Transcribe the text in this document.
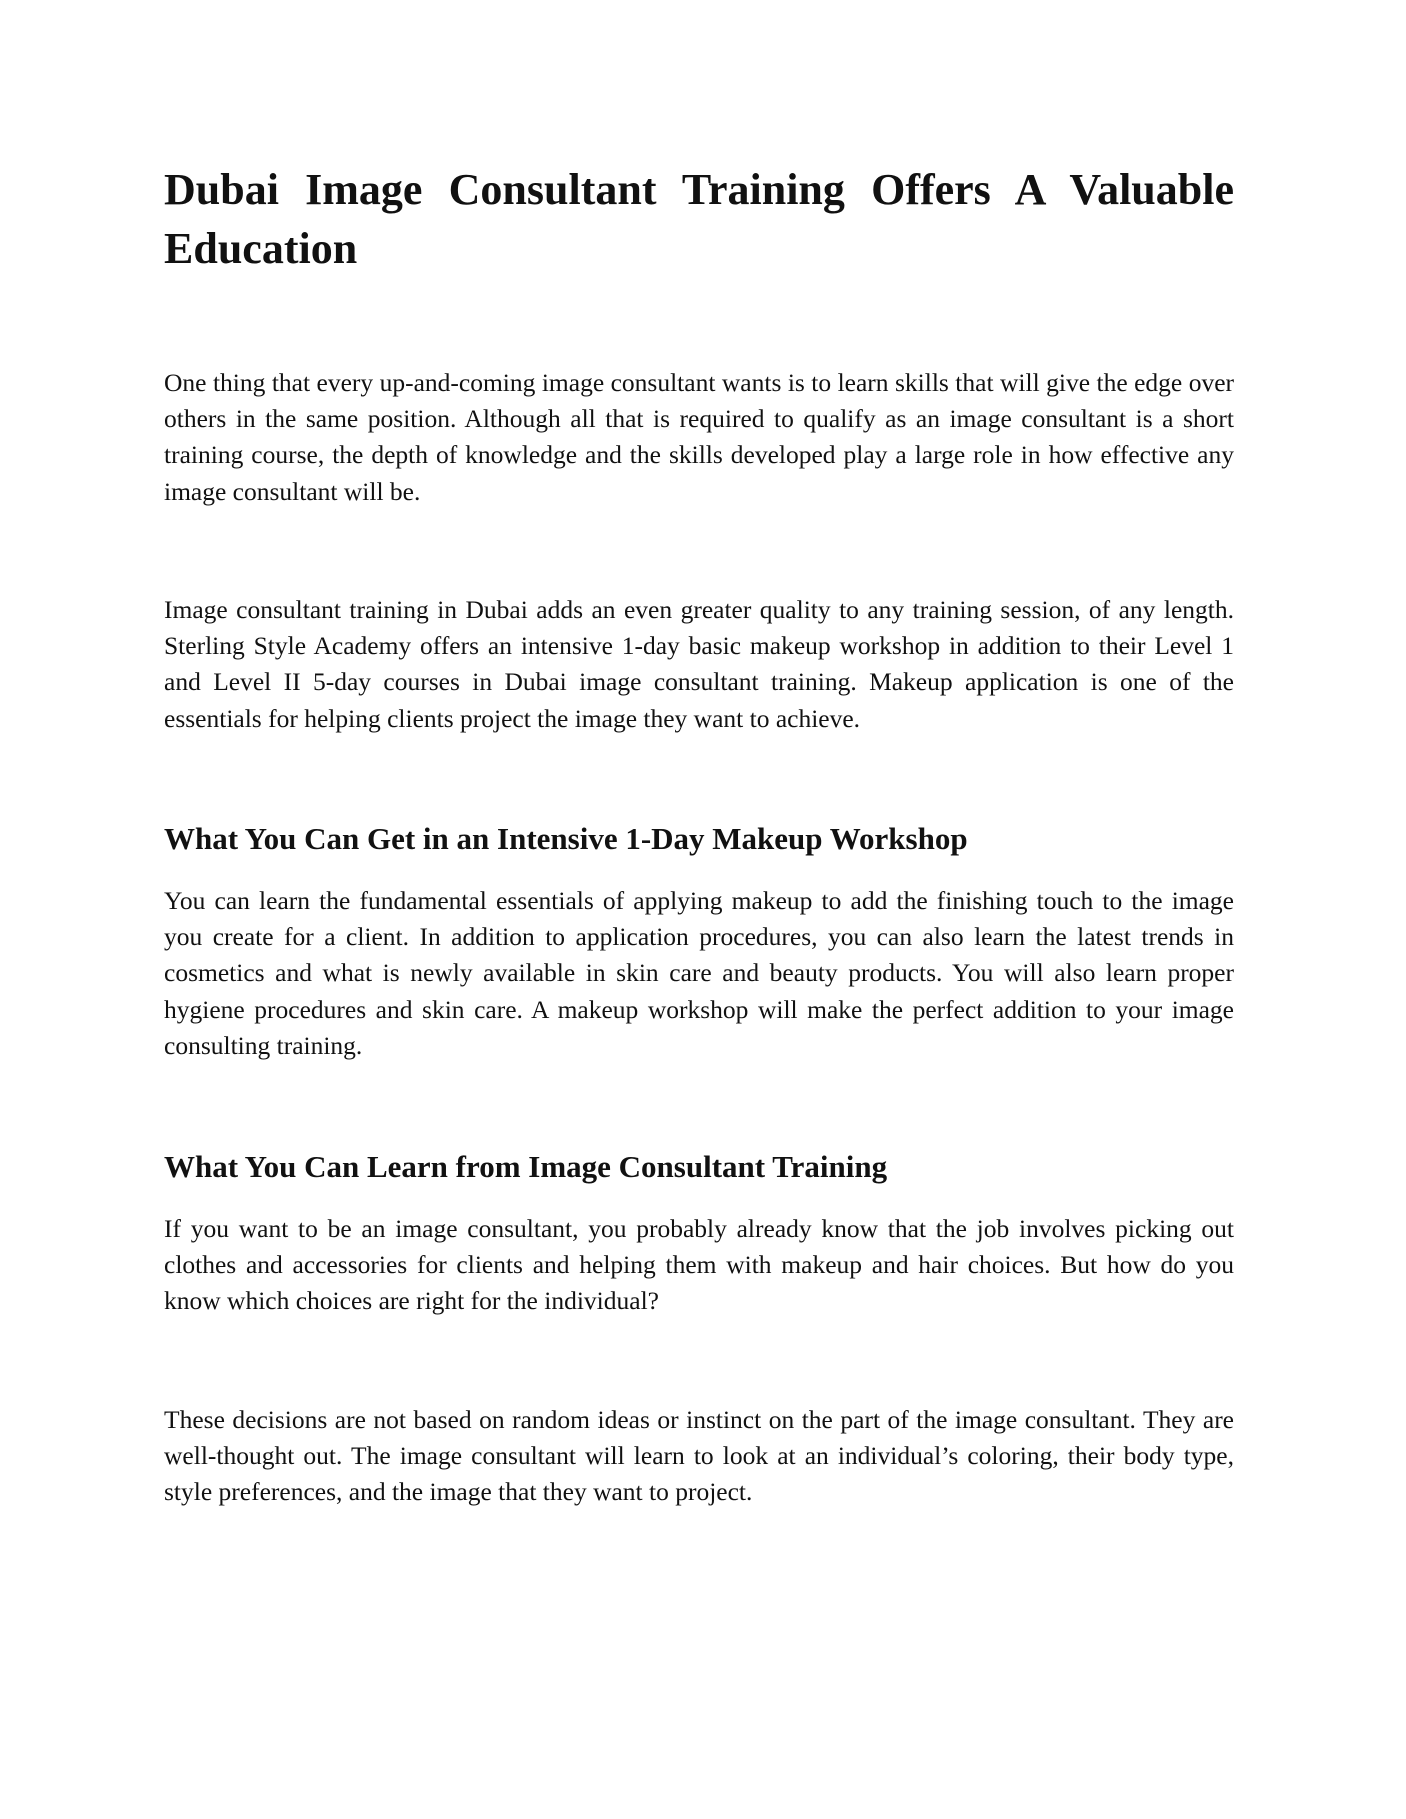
Dubai Image Consultant Training Offers A Valuable Education

One thing that every up-and-coming image consultant wants is to learn skills that will give the edge over others in the same position. Although all that is required to qualify as an image consultant is a short training course, the depth of knowledge and the skills developed play a large role in how effective any image consultant will be.

Image consultant training in Dubai adds an even greater quality to any training session, of any length. Sterling Style Academy offers an intensive 1-day basic makeup workshop in addition to their Level 1 and Level II 5-day courses in Dubai image consultant training. Makeup application is one of the essentials for helping clients project the image they want to achieve.

What You Can Get in an Intensive 1-Day Makeup Workshop

You can learn the fundamental essentials of applying makeup to add the finishing touch to the image you create for a client. In addition to application procedures, you can also learn the latest trends in cosmetics and what is newly available in skin care and beauty products. You will also learn proper hygiene procedures and skin care. A makeup workshop will make the perfect addition to your image consulting training.

What You Can Learn from Image Consultant Training

If you want to be an image consultant, you probably already know that the job involves picking out clothes and accessories for clients and helping them with makeup and hair choices. But how do you know which choices are right for the individual?

These decisions are not based on random ideas or instinct on the part of the image consultant. They are well-thought out. The image consultant will learn to look at an individual’s coloring, their body type, style preferences, and the image that they want to project.
